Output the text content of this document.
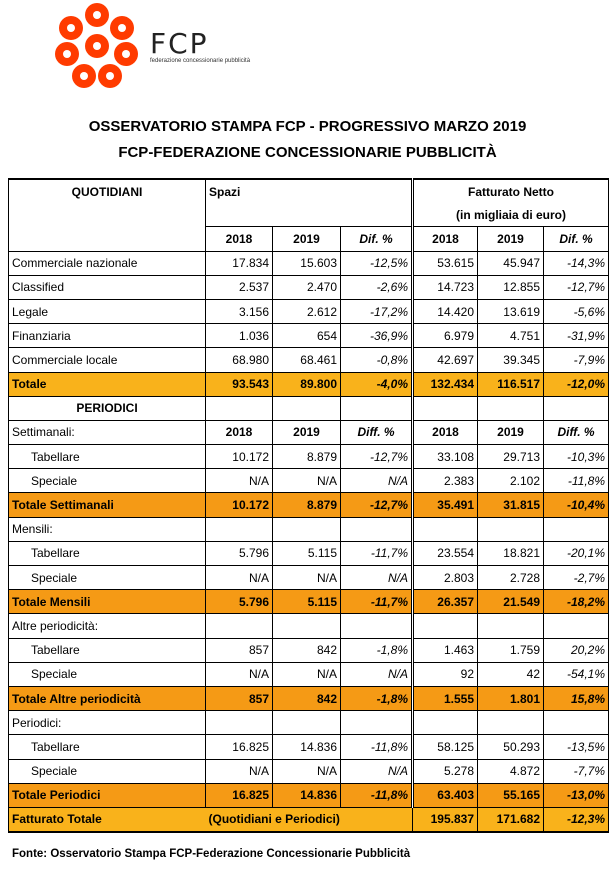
FCP
federazione concessionarie pubblicità
OSSERVATORIO STAMPA FCP - PROGRESSIVO MARZO 2019
FCP-FEDERAZIONE CONCESSIONARIE PUBBLICITÀ
QUOTIDIANI	Spazi			Fatturato Netto		
				(in migliaia di euro)		
	2018	2019	Dif. %	2018	2019	Dif. %
Commerciale nazionale	17.834	15.603	-12,5%	53.615	45.947	-14,3%
Classified	2.537	2.470	-2,6%	14.723	12.855	-12,7%
Legale	3.156	2.612	-17,2%	14.420	13.619	-5,6%
Finanziaria	1.036	654	-36,9%	6.979	4.751	-31,9%
Commerciale locale	68.980	68.461	-0,8%	42.697	39.345	-7,9%
Totale	93.543	89.800	-4,0%	132.434	116.517	-12,0%
PERIODICI						
Settimanali:	2018	2019	Diff. %	2018	2019	Diff. %
Tabellare	10.172	8.879	-12,7%	33.108	29.713	-10,3%
Speciale	N/A	N/A	N/A	2.383	2.102	-11,8%
Totale Settimanali	10.172	8.879	-12,7%	35.491	31.815	-10,4%
Mensili:						
Tabellare	5.796	5.115	-11,7%	23.554	18.821	-20,1%
Speciale	N/A	N/A	N/A	2.803	2.728	-2,7%
Totale Mensili	5.796	5.115	-11,7%	26.357	21.549	-18,2%
Altre periodicità:						
Tabellare	857	842	-1,8%	1.463	1.759	20,2%
Speciale	N/A	N/A	N/A	92	42	-54,1%
Totale Altre periodicità	857	842	-1,8%	1.555	1.801	15,8%
Periodici:						
Tabellare	16.825	14.836	-11,8%	58.125	50.293	-13,5%
Speciale	N/A	N/A	N/A	5.278	4.872	-7,7%
Totale Periodici	16.825	14.836	-11,8%	63.403	55.165	-13,0%
Fatturato Totale	(Quotidiani e Periodici)			195.837	171.682	-12,3%
Fonte: Osservatorio Stampa FCP-Federazione Concessionarie Pubblicità
